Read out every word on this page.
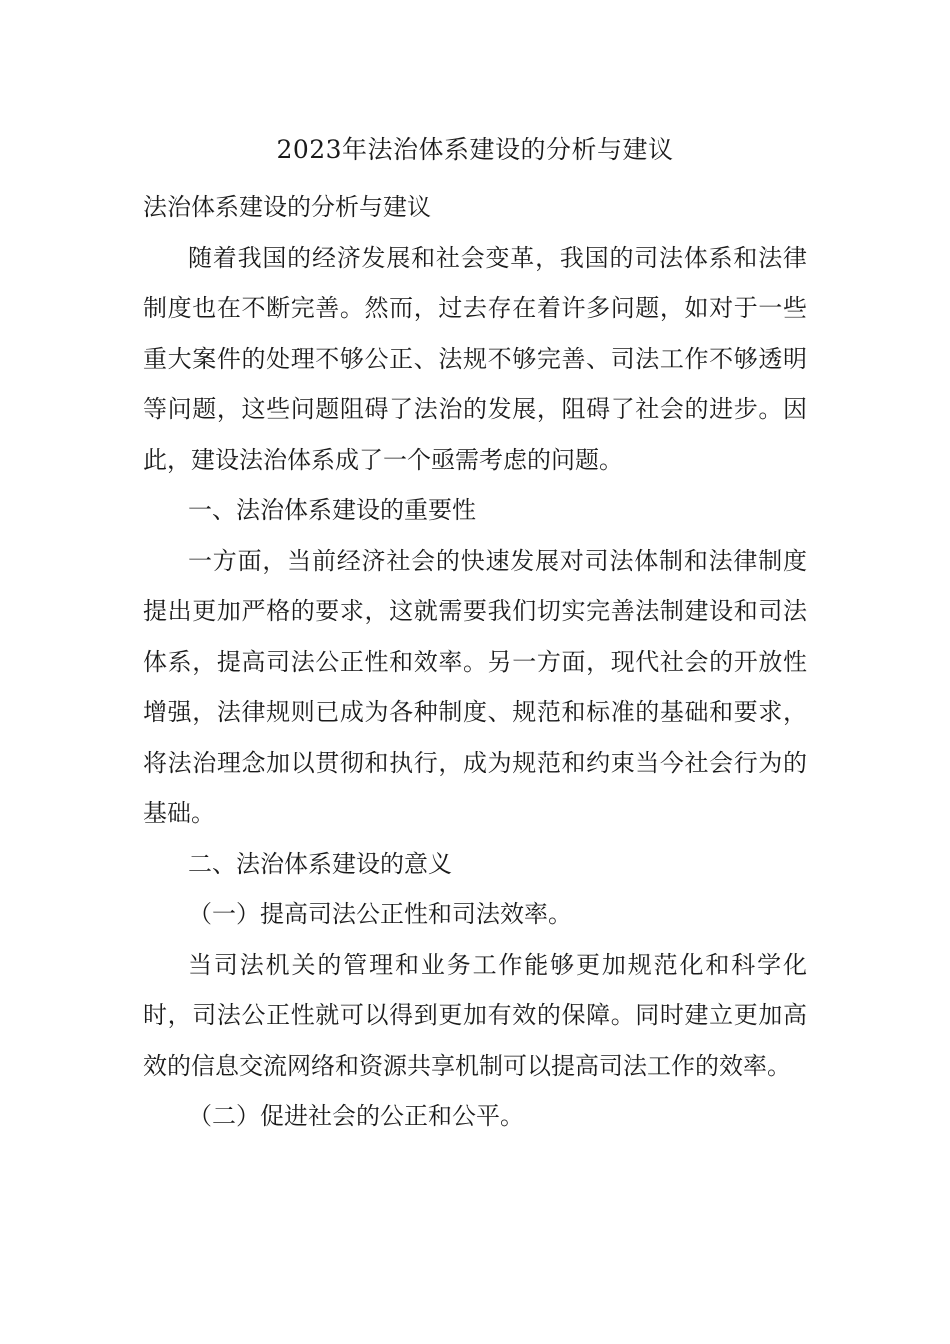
2023年法治体系建设的分析与建议

法治体系建设的分析与建议

随着我国的经济发展和社会变革，我国的司法体系和法律制度也在不断完善。然而，过去存在着许多问题，如对于一些重大案件的处理不够公正、法规不够完善、司法工作不够透明等问题，这些问题阻碍了法治的发展，阻碍了社会的进步。因此，建设法治体系成了一个亟需考虑的问题。

一、法治体系建设的重要性

一方面，当前经济社会的快速发展对司法体制和法律制度提出更加严格的要求，这就需要我们切实完善法制建设和司法体系，提高司法公正性和效率。另一方面，现代社会的开放性增强，法律规则已成为各种制度、规范和标准的基础和要求，将法治理念加以贯彻和执行，成为规范和约束当今社会行为的基础。

二、法治体系建设的意义

（一）提高司法公正性和司法效率。

当司法机关的管理和业务工作能够更加规范化和科学化时，司法公正性就可以得到更加有效的保障。同时建立更加高效的信息交流网络和资源共享机制可以提高司法工作的效率。

（二）促进社会的公正和公平。
